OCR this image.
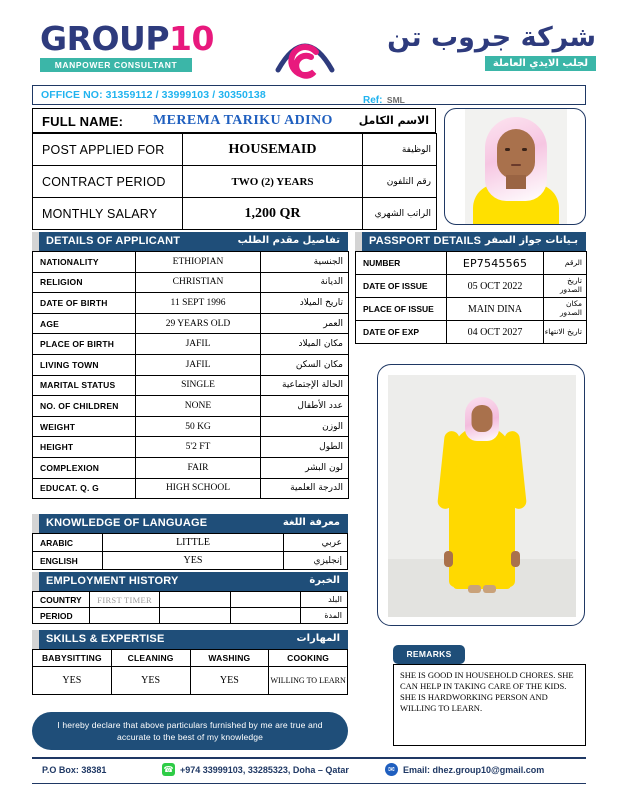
GROUP10
MANPOWER CONSULTANT
شركة جروب تن
لجلب الايدي العاملة
OFFICE NO: 31359112 / 33999103 / 30350138	Ref: SML
FULL NAME: MEREMA TARIKU ADINO الاسم الكامل
POST APPLIED FOR	HOUSEMAID	الوظيفة
CONTRACT PERIOD	TWO (2) YEARS	رقم التلفون
MONTHLY SALARY	1,200 QR	الراتب الشهري
DETAILS OF APPLICANT	تفاصيل مقدم الطلب
NATIONALITY	ETHIOPIAN	الجنسية
RELIGION	CHRISTIAN	الديانة
DATE OF BIRTH	11 SEPT 1996	تاريخ الميلاد
AGE	29 YEARS OLD	العمر
PLACE OF BIRTH	JAFIL	مكان الميلاد
LIVING TOWN	JAFIL	مكان السكن
MARITAL STATUS	SINGLE	الحالة الإجتماعية
NO. OF CHILDREN	NONE	عدد الأطفال
WEIGHT	50 KG	الوزن
HEIGHT	5'2 FT	الطول
COMPLEXION	FAIR	لون البشر
EDUCAT. Q. G	HIGH SCHOOL	الدرجة العلمية
PASSPORT DETAILS بـيانات جواز السفر
NUMBER	EP7545565	الرقم
DATE OF ISSUE	05 OCT 2022	تاريخ الصدور
PLACE OF ISSUE	MAIN DINA	مكان الصدور
DATE OF EXP	04 OCT 2027	تاريخ الانتهاء
KNOWLEDGE OF LANGUAGE	معرفة اللغة
ARABIC	LITTLE	عربي
ENGLISH	YES	إنجليزي
EMPLOYMENT HISTORY	الخبرة
COUNTRY	FIRST TIMER			البلد
PERIOD				المدة
SKILLS & EXPERTISE	المهارات
BABYSITTING	CLEANING	WASHING	COOKING
YES	YES	YES	WILLING TO LEARN
I hereby declare that above particulars furnished by me are true and accurate to the best of my knowledge
REMARKS
SHE IS GOOD IN HOUSEHOLD CHORES. SHE CAN HELP IN TAKING CARE OF THE KIDS. SHE IS HARDWORKING PERSON AND WILLING TO LEARN.
P.O Box: 38381	☎ +974 33999103, 33285323, Doha – Qatar	✉ Email: dhez.group10@gmail.com
